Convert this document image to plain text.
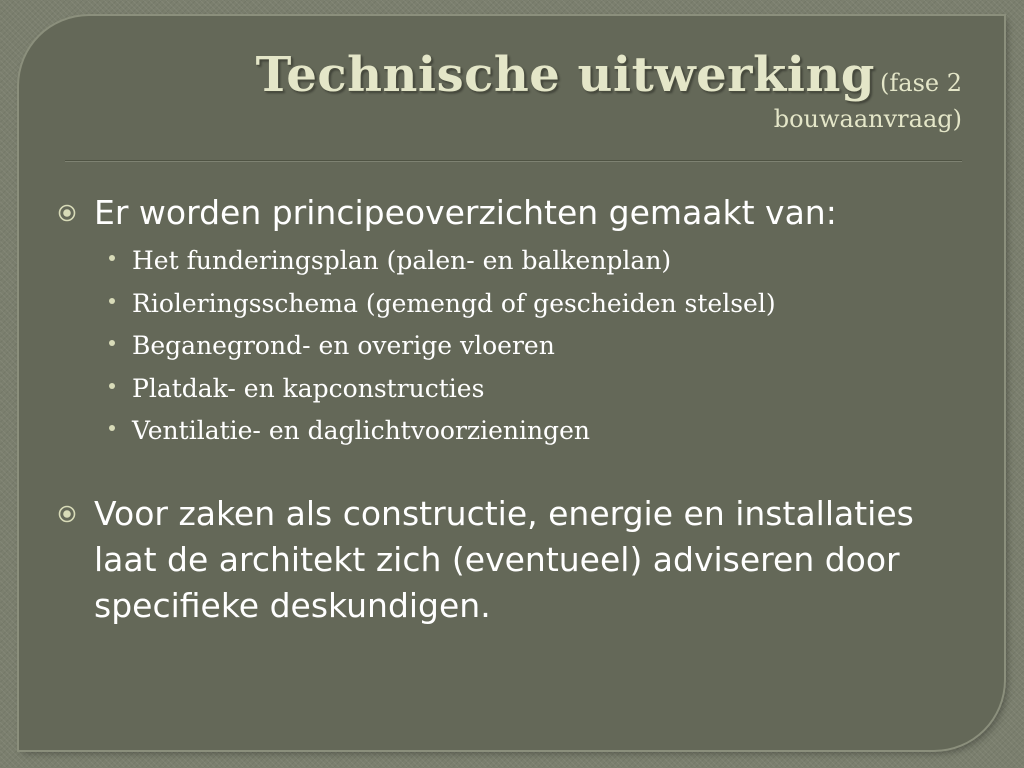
Technische uitwerking (fase 2
bouwaanvraag)
Er worden principeoverzichten gemaakt van:
Het funderingsplan (palen- en balkenplan)
Rioleringsschema (gemengd of gescheiden stelsel)
Beganegrond- en overige vloeren
Platdak- en kapconstructies
Ventilatie- en daglichtvoorzieningen
Voor zaken als constructie, energie en installaties laat de architekt zich (eventueel) adviseren door specifieke deskundigen.
